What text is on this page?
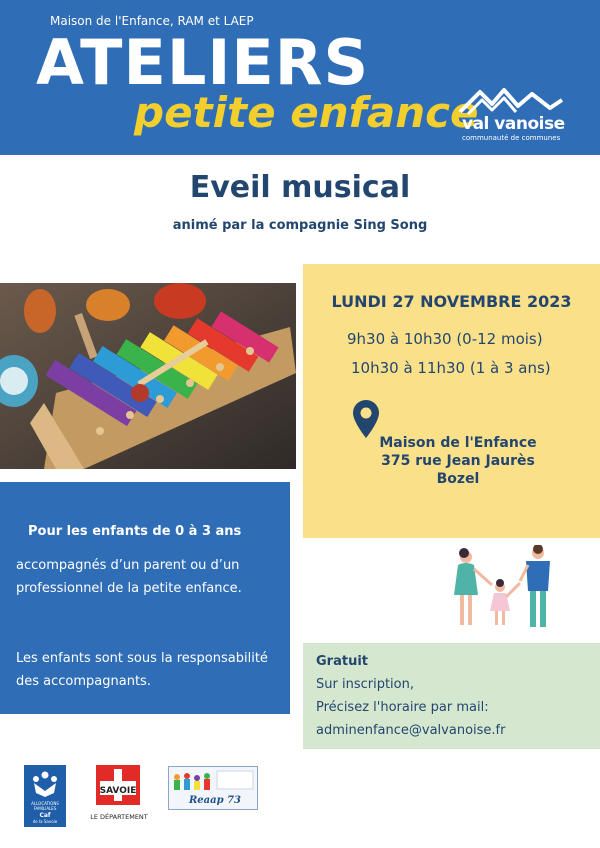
Maison de l'Enfance, RAM et LAEP
ATELIERS
petite enfance
val vanoise
communauté de communes
Eveil musical
animé par la compagnie Sing Song
LUNDI 27 NOVEMBRE 2023
9h30 à 10h30 (0-12 mois)
10h30 à 11h30 (1 à 3 ans)
Maison de l'Enfance
375 rue Jean Jaurès
Bozel
Pour les enfants de 0 à 3 ans
accompagnés d’un parent ou d’un professionnel de la petite enfance.
Les enfants sont sous la responsabilité des accompagnants.
Gratuit
Sur inscription,
Précisez l'horaire par mail:
adminenfance@valvanoise.fr
ALLOCATIONS
FAMILIALES
Caf
de la Savoie
SAVOIE
LE DÉPARTEMENT
Reaap 73
